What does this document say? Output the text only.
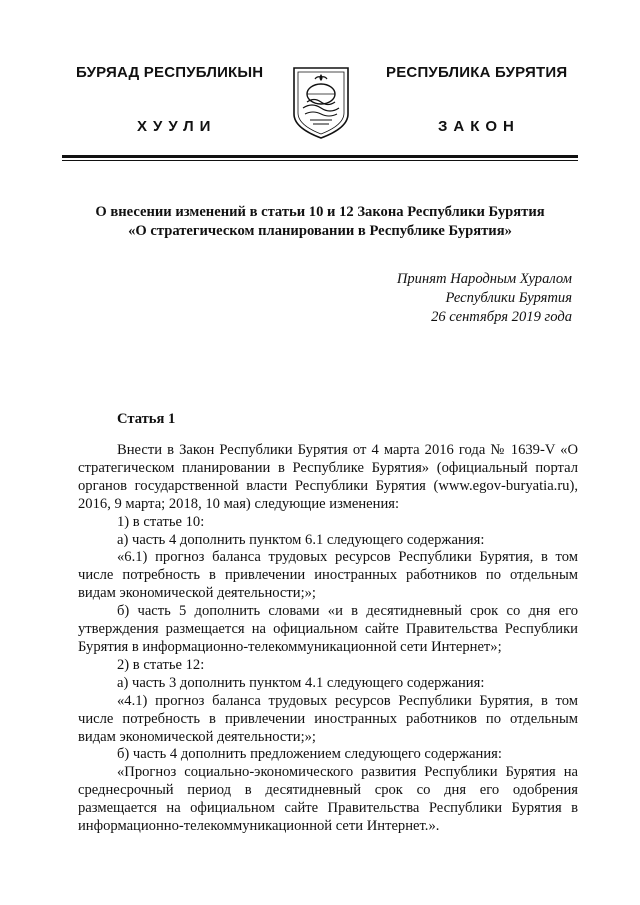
БУРЯАД РЕСПУБЛИКЫН	РЕСПУБЛИКА БУРЯТИЯ
ХУУЛИ	ЗАКОН
О внесении изменений в статьи 10 и 12 Закона Республики Бурятия
«О стратегическом планировании в Республике Бурятия»
Принят Народным Хуралом
Республики Бурятия
26 сентября 2019 года
Статья 1

Внести в Закон Республики Бурятия от 4 марта 2016 года № 1639-V «О стратегическом планировании в Республике Бурятия» (официальный портал органов государственной власти Республики Бурятия (www.egov-buryatia.ru), 2016, 9 марта; 2018, 10 мая) следующие изменения:

1) в статье 10:

а) часть 4 дополнить пунктом 6.1 следующего содержания:

«6.1) прогноз баланса трудовых ресурсов Республики Бурятия, в том числе потребность в привлечении иностранных работников по отдельным видам экономической деятельности;»;

б) часть 5 дополнить словами «и в десятидневный срок со дня его утверждения размещается на официальном сайте Правительства Республики Бурятия в информационно-телекоммуникационной сети Интернет»;

2) в статье 12:

а) часть 3 дополнить пунктом 4.1 следующего содержания:

«4.1) прогноз баланса трудовых ресурсов Республики Бурятия, в том числе потребность в привлечении иностранных работников по отдельным видам экономической деятельности;»;

б) часть 4 дополнить предложением следующего содержания:

«Прогноз социально-экономического развития Республики Бурятия на среднесрочный период в десятидневный срок со дня его одобрения размещается на официальном сайте Правительства Республики Бурятия в информационно-телекоммуникационной сети Интернет.».
